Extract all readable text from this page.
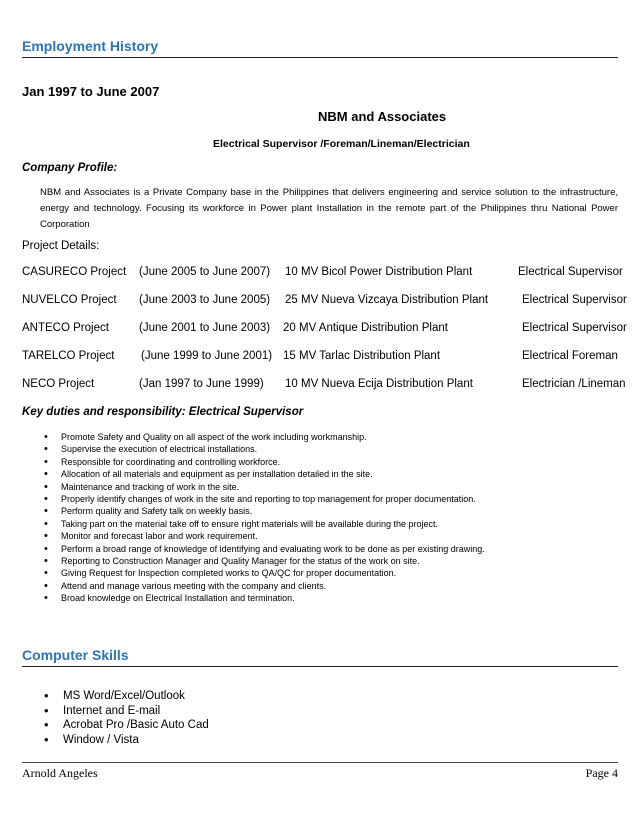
Employment History
Jan 1997 to June 2007
NBM and Associates
Electrical Supervisor /Foreman/Lineman/Electrician
Company Profile:
NBM and Associates is a Private Company base in the Philippines that delivers engineering and service solution to the infrastructure, energy and technology. Focusing its workforce in Power plant Installation in the remote part of the Philippines thru National Power Corporation
Project Details:
CASURECO Project (June 2005 to June 2007) 10 MV Bicol Power Distribution Plant	Electrical Supervisor
NUVELCO Project (June 2003 to June 2005) 25 MV Nueva Vizcaya Distribution Plant	Electrical Supervisor
ANTECO Project	(June 2001 to June 2003) 20 MV Antique Distribution Plant	Electrical Supervisor
TARELCO Project (June 1999 to June 2001) 15 MV Tarlac Distribution Plant	Electrical Foreman
NECO Project	(Jan 1997 to June 1999) 10 MV Nueva Ecija Distribution Plant	Electrician /Lineman
Key duties and responsibility: Electrical Supervisor
• Promote Safety and Quality on all aspect of the work including workmanship.
• Supervise the execution of electrical installations.
• Responsible for coordinating and controlling workforce.
• Allocation of all materials and equipment as per installation detailed in the site.
• Maintenance and tracking of work in the site.
• Properly identify changes of work in the site and reporting to top management for proper documentation.
• Perform quality and Safety talk on weekly basis.
• Taking part on the material take off to ensure right materials will be available during the project.
• Monitor and forecast labor and work requirement.
• Perform a broad range of knowledge of identifying and evaluating work to be done as per existing drawing.
• Reporting to Construction Manager and Quality Manager for the status of the work on site.
• Giving Request for Inspection completed works to QA/QC for proper documentation.
• Attend and manage various meeting with the company and clients.
• Broad knowledge on Electrical Installation and termination.
Computer Skills
• MS Word/Excel/Outlook
• Internet and E-mail
• Acrobat Pro /Basic Auto Cad
• Window / Vista
Arnold Angeles	Page 4
